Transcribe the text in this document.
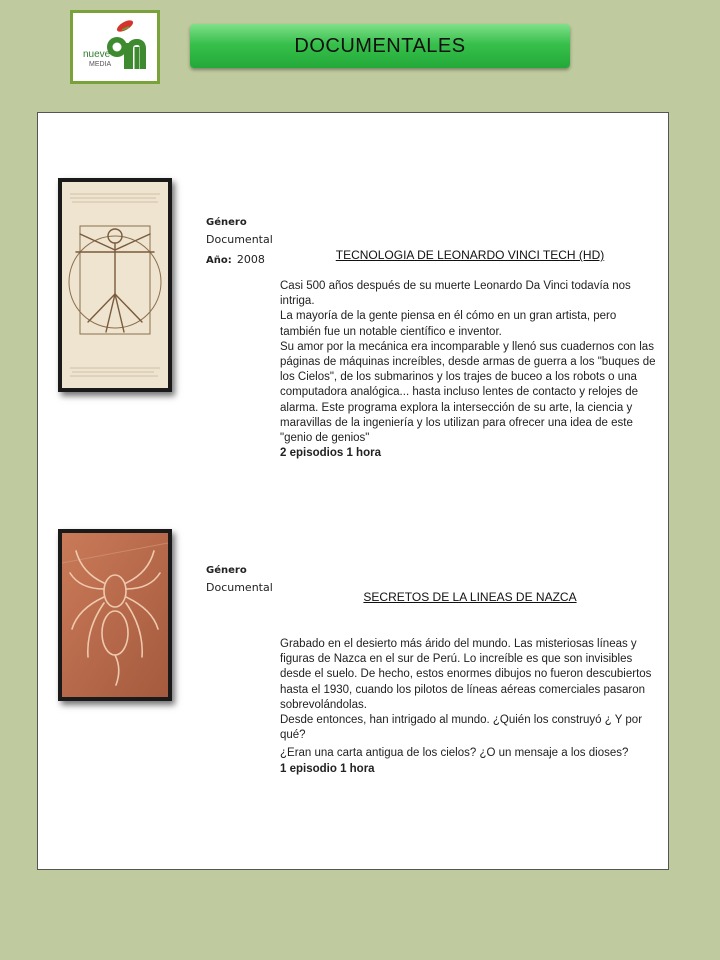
nueve
MEDIA
DOCUMENTALES
Género
Documental
Año: 2008	TECNOLOGIA DE LEONARDO VINCI TECH (HD)

Casi 500 años después de su muerte Leonardo Da Vinci todavía nos intriga.

La mayoría de la gente piensa en él cómo en un gran artista, pero también fue un notable científico e inventor.

Su amor por la mecánica era incomparable y llenó sus cuadernos con las páginas de máquinas increíbles, desde armas de guerra a los "buques de los Cielos", de los submarinos y los trajes de buceo a los robots o una computadora analógica... hasta incluso lentes de contacto y relojes de alarma. Este programa explora la intersección de su arte, la ciencia y maravillas de la ingeniería y los utilizan para ofrecer una idea de este "genio de genios"

2 episodios 1 hora

Género
Documental
SECRETOS DE LA LINEAS DE NAZCA

Grabado en el desierto más árido del mundo. Las misteriosas líneas y figuras de Nazca en el sur de Perú. Lo increíble es que son invisibles desde el suelo. De hecho, estos enormes dibujos no fueron descubiertos hasta el 1930, cuando los pilotos de líneas aéreas comerciales pasaron sobrevolándolas.

Desde entonces, han intrigado al mundo. ¿Quién los construyó ¿ Y por qué?

¿Eran una carta antigua de los cielos? ¿O un mensaje a los dioses?

1 episodio 1 hora
